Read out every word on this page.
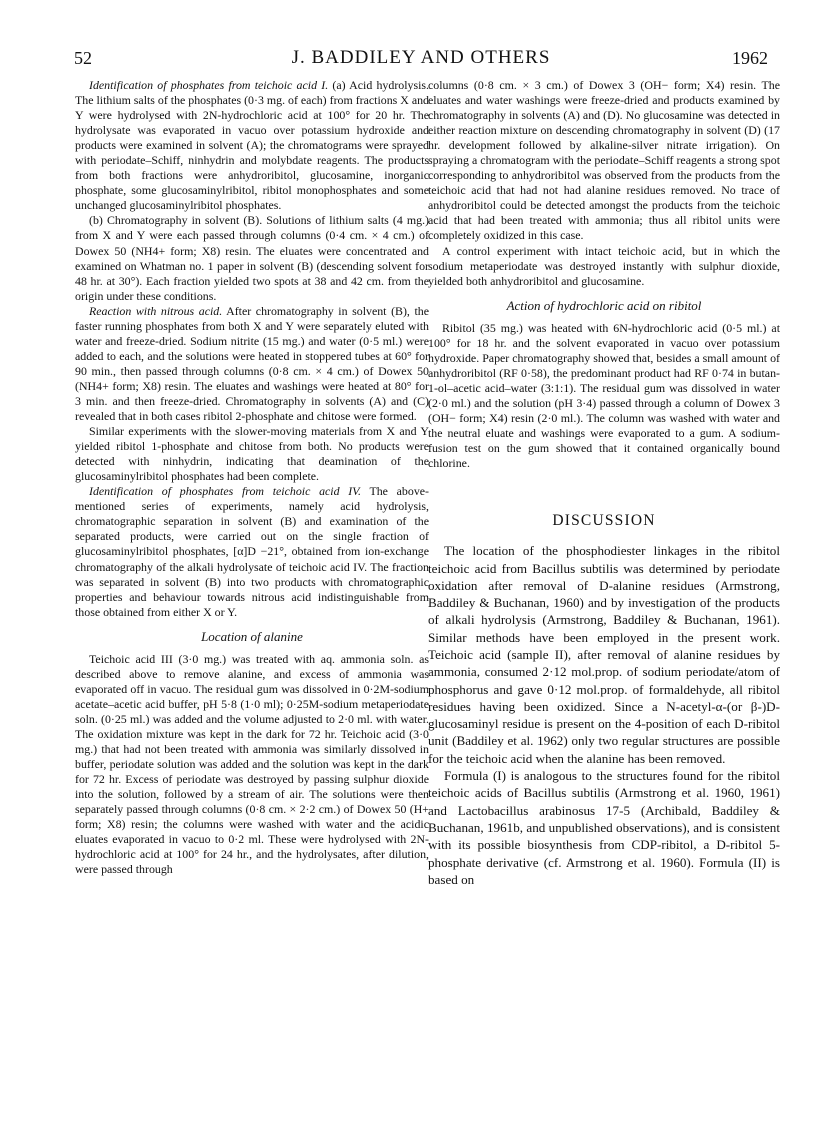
52	J. BADDILEY AND OTHERS	1962

Identification of phosphates from teichoic acid I. (a) Acid hydrolysis. The lithium salts of the phosphates (0·3 mg. of each) from fractions X and Y were hydrolysed with 2N-hydrochloric acid at 100° for 20 hr. The hydrolysate was evaporated in vacuo over potassium hydroxide and products were examined in solvent (A); the chromatograms were sprayed with periodate–Schiff, ninhydrin and molybdate reagents. The products from both fractions were anhydroribitol, glucosamine, inorganic phosphate, some glucosaminylribitol, ribitol monophosphates and some unchanged glucosaminylribitol phosphates.

(b) Chromatography in solvent (B). Solutions of lithium salts (4 mg.) from X and Y were each passed through columns (0·4 cm. × 4 cm.) of Dowex 50 (NH4+ form; X8) resin. The eluates were concentrated and examined on Whatman no. 1 paper in solvent (B) (descending solvent for 48 hr. at 30°). Each fraction yielded two spots at 38 and 42 cm. from the origin under these conditions.

Reaction with nitrous acid. After chromatography in solvent (B), the faster running phosphates from both X and Y were separately eluted with water and freeze-dried. Sodium nitrite (15 mg.) and water (0·5 ml.) were added to each, and the solutions were heated in stoppered tubes at 60° for 90 min., then passed through columns (0·8 cm. × 4 cm.) of Dowex 50 (NH4+ form; X8) resin. The eluates and washings were heated at 80° for 3 min. and then freeze-dried. Chromatography in solvents (A) and (C) revealed that in both cases ribitol 2-phosphate and chitose were formed.

Similar experiments with the slower-moving materials from X and Y yielded ribitol 1-phosphate and chitose from both. No products were detected with ninhydrin, indicating that deamination of the glucosaminylribitol phosphates had been complete.

Identification of phosphates from teichoic acid IV. The above-mentioned series of experiments, namely acid hydrolysis, chromatographic separation in solvent (B) and examination of the separated products, were carried out on the single fraction of glucosaminylribitol phosphates, [α]D −21°, obtained from ion-exchange chromatography of the alkali hydrolysate of teichoic acid IV. The fraction was separated in solvent (B) into two products with chromatographic properties and behaviour towards nitrous acid indistinguishable from those obtained from either X or Y.

Location of alanine

Teichoic acid III (3·0 mg.) was treated with aq. ammonia soln. as described above to remove alanine, and excess of ammonia was evaporated off in vacuo. The residual gum was dissolved in 0·2M-sodium acetate–acetic acid buffer, pH 5·8 (1·0 ml); 0·25M-sodium metaperiodate soln. (0·25 ml.) was added and the volume adjusted to 2·0 ml. with water. The oxidation mixture was kept in the dark for 72 hr. Teichoic acid (3·0 mg.) that had not been treated with ammonia was similarly dissolved in buffer, periodate solution was added and the solution was kept in the dark for 72 hr. Excess of periodate was destroyed by passing sulphur dioxide into the solution, followed by a stream of air. The solutions were then separately passed through columns (0·8 cm. × 2·2 cm.) of Dowex 50 (H+ form; X8) resin; the columns were washed with water and the acidic eluates evaporated in vacuo to 0·2 ml. These were hydrolysed with 2N-hydrochloric acid at 100° for 24 hr., and the hydrolysates, after dilution, were passed through

columns (0·8 cm. × 3 cm.) of Dowex 3 (OH− form; X4) resin. The eluates and water washings were freeze-dried and products examined by chromatography in solvents (A) and (D). No glucosamine was detected in either reaction mixture on descending chromatography in solvent (D) (17 hr. development followed by alkaline-silver nitrate irrigation). On spraying a chromatogram with the periodate–Schiff reagents a strong spot corresponding to anhydroribitol was observed from the products from the teichoic acid that had not had alanine residues removed. No trace of anhydroribitol could be detected amongst the products from the teichoic acid that had been treated with ammonia; thus all ribitol units were completely oxidized in this case.

A control experiment with intact teichoic acid, but in which the sodium metaperiodate was destroyed instantly with sulphur dioxide, yielded both anhydroribitol and glucosamine.

Action of hydrochloric acid on ribitol

Ribitol (35 mg.) was heated with 6N-hydrochloric acid (0·5 ml.) at 100° for 18 hr. and the solvent evaporated in vacuo over potassium hydroxide. Paper chromatography showed that, besides a small amount of anhydroribitol (RF 0·58), the predominant product had RF 0·74 in butan-1-ol–acetic acid–water (3:1:1). The residual gum was dissolved in water (2·0 ml.) and the solution (pH 3·4) passed through a column of Dowex 3 (OH− form; X4) resin (2·0 ml.). The column was washed with water and the neutral eluate and washings were evaporated to a gum. A sodium-fusion test on the gum showed that it contained organically bound chlorine.

DISCUSSION

The location of the phosphodiester linkages in the ribitol teichoic acid from Bacillus subtilis was determined by periodate oxidation after removal of D-alanine residues (Armstrong, Baddiley & Buchanan, 1960) and by investigation of the products of alkali hydrolysis (Armstrong, Baddiley & Buchanan, 1961). Similar methods have been employed in the present work. Teichoic acid (sample II), after removal of alanine residues by ammonia, consumed 2·12 mol.prop. of sodium periodate/atom of phosphorus and gave 0·12 mol.prop. of formaldehyde, all ribitol residues having been oxidized. Since a N-acetyl-α-(or β-)D-glucosaminyl residue is present on the 4-position of each D-ribitol unit (Baddiley et al. 1962) only two regular structures are possible for the teichoic acid when the alanine has been removed.

Formula (I) is analogous to the structures found for the ribitol teichoic acids of Bacillus subtilis (Armstrong et al. 1960, 1961) and Lactobacillus arabinosus 17-5 (Archibald, Baddiley & Buchanan, 1961b, and unpublished observations), and is consistent with its possible biosynthesis from CDP-ribitol, a D-ribitol 5-phosphate derivative (cf. Armstrong et al. 1960). Formula (II) is based on
